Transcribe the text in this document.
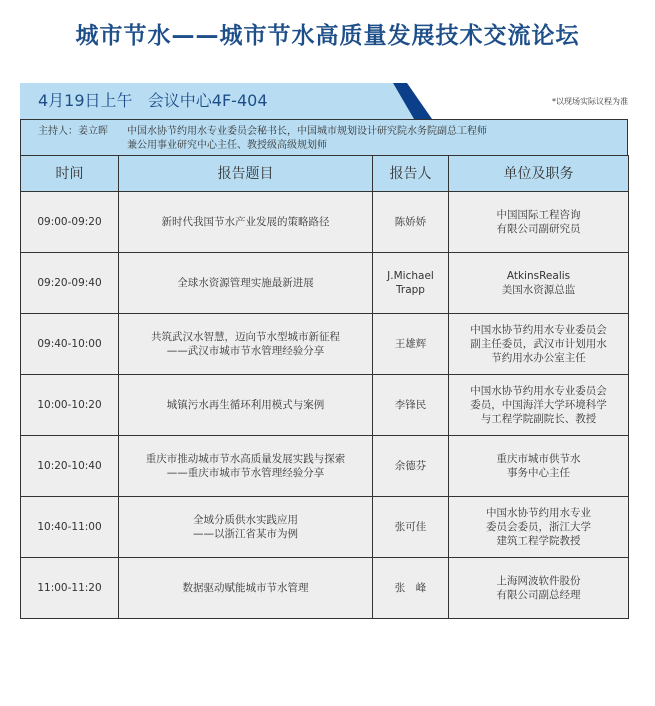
城市节水——城市节水高质量发展技术交流论坛
4月19日上午   会议中心4F-404	*以现场实际议程为准
主持人：姜立晖 中国水协节约用水专业委员会秘书长，中国城市规划设计研究院水务院副总工程师
兼公用事业研究中心主任、教授级高级规划师
时间	报告题目	报告人	单位及职务
09:00-09:20	新时代我国节水产业发展的策略路径	陈娇娇	中国国际工程咨询
有限公司副研究员

09:20-09:40	全球水资源管理实施最新进展	J.Michael
Trapp	AtkinsRealis
美国水资源总监

09:40-10:00	共筑武汉水智慧，迈向节水型城市新征程
——武汉市城市节水管理经验分享	王雄辉	中国水协节约用水专业委员会
副主任委员，武汉市计划用水
节约用水办公室主任

10:00-10:20	城镇污水再生循环利用模式与案例	李锋民	中国水协节约用水专业委员会
委员，中国海洋大学环境科学
与工程学院副院长、教授

10:20-10:40	重庆市推动城市节水高质量发展实践与探索
——重庆市城市节水管理经验分享	余德芬	重庆市城市供节水
事务中心主任

10:40-11:00	全域分质供水实践应用
——以浙江省某市为例	张可佳	中国水协节约用水专业
委员会委员，浙江大学
建筑工程学院教授

11:00-11:20	数据驱动赋能城市节水管理	张　峰	上海网波软件股份
有限公司副总经理
